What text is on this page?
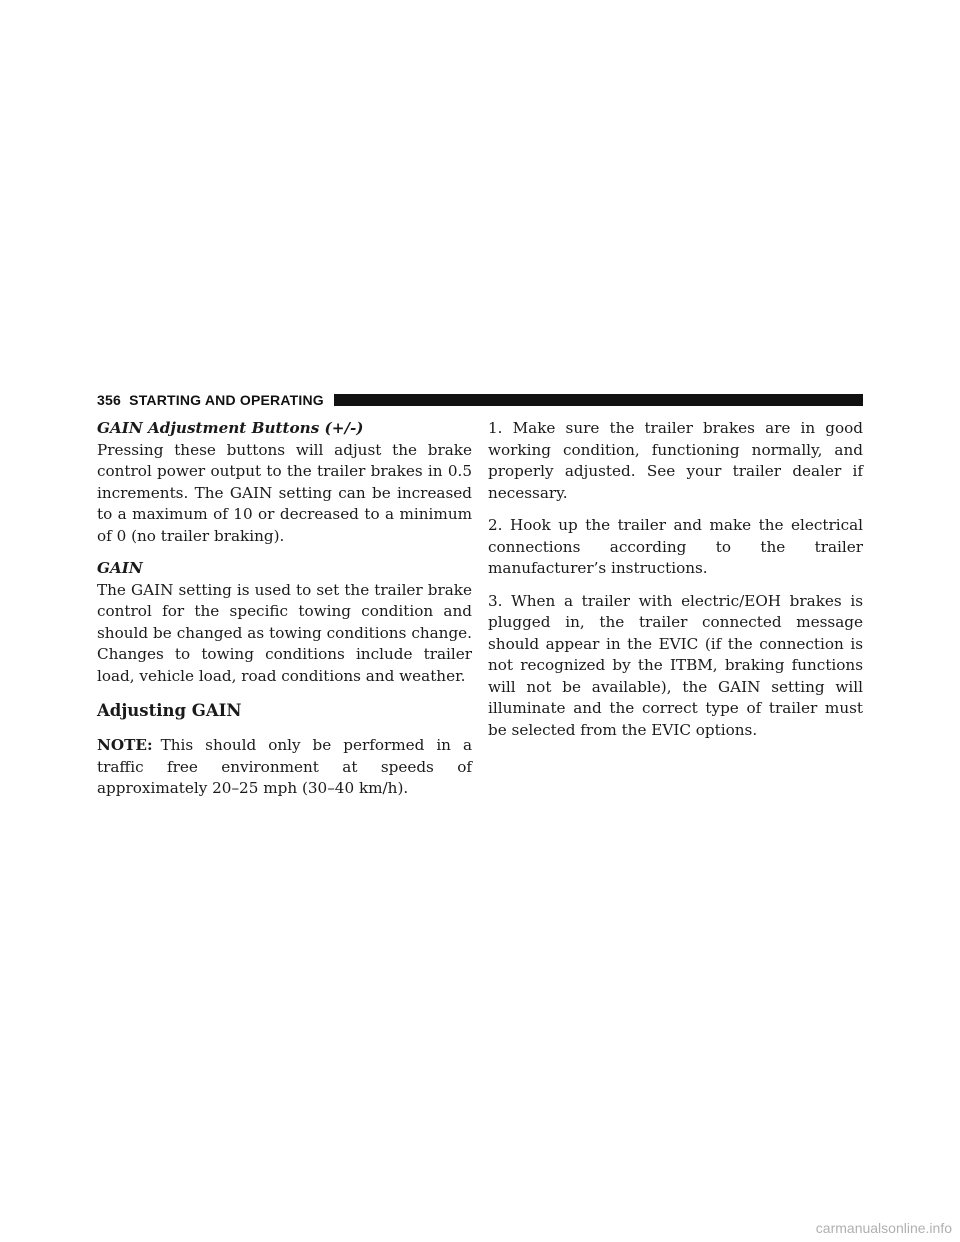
356 STARTING AND OPERATING

GAIN Adjustment Buttons (+/-)

Pressing these buttons will adjust the brake control power output to the trailer brakes in 0.5 increments. The GAIN setting can be increased to a maximum of 10 or decreased to a minimum of 0 (no trailer braking).

GAIN

The GAIN setting is used to set the trailer brake control for the specific towing condition and should be changed as towing conditions change. Changes to towing conditions include trailer load, vehicle load, road conditions and weather.

Adjusting GAIN

NOTE: This should only be performed in a traffic free environment at speeds of approximately 20–25 mph (30–40 km/h).

1. Make sure the trailer brakes are in good working condition, functioning normally, and properly adjusted. See your trailer dealer if necessary.

2. Hook up the trailer and make the electrical connections according to the trailer manufacturer’s instructions.

3. When a trailer with electric/EOH brakes is plugged in, the trailer connected message should appear in the EVIC (if the connection is not recognized by the ITBM, braking functions will not be available), the GAIN setting will illuminate and the correct type of trailer must be selected from the EVIC options.

carmanualsonline.info
